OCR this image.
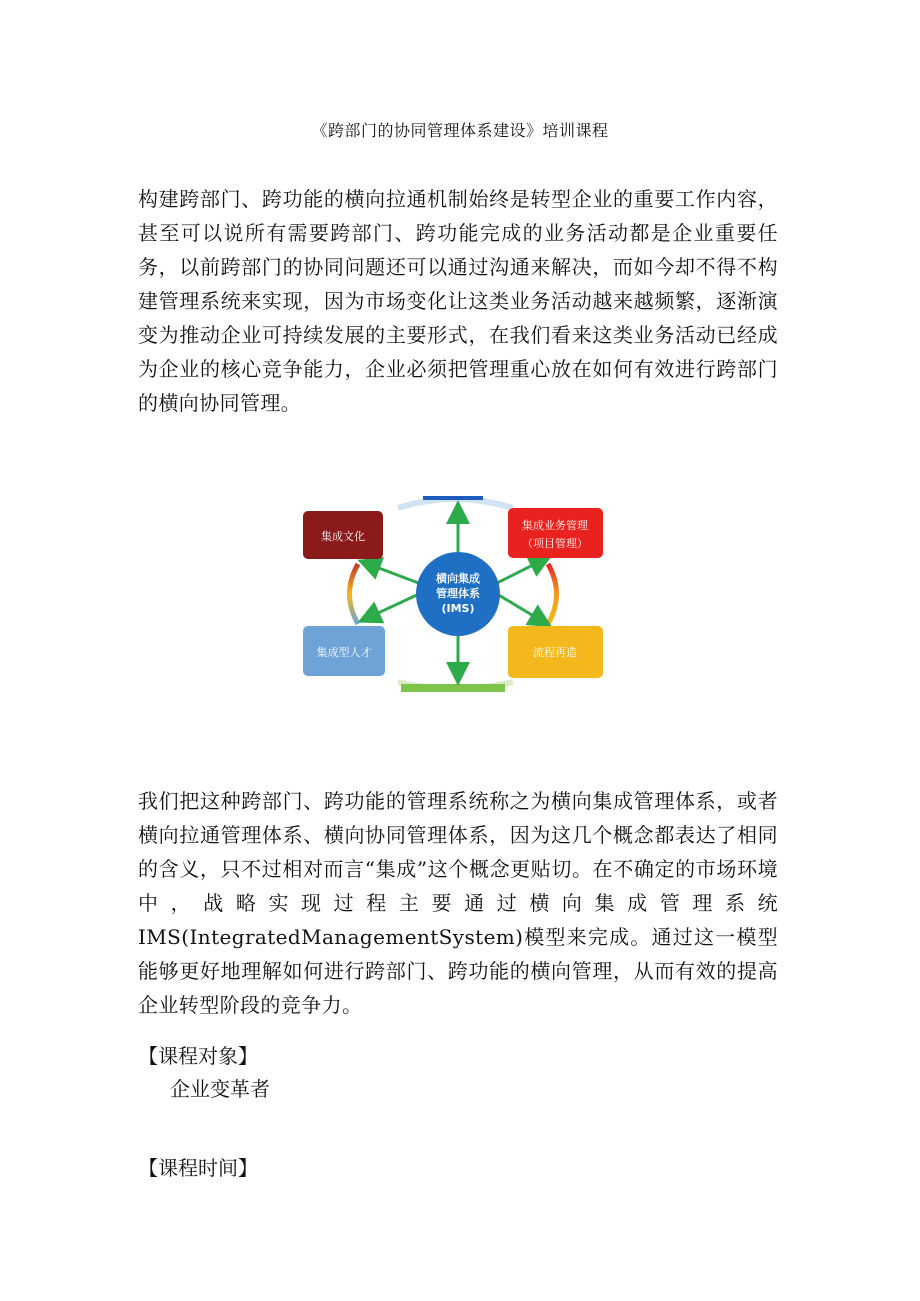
《跨部门的协同管理体系建设》培训课程

构建跨部门、跨功能的横向拉通机制始终是转型企业的重要工作内容，甚至可以说所有需要跨部门、跨功能完成的业务活动都是企业重要任务，以前跨部门的协同问题还可以通过沟通来解决，而如今却不得不构建管理系统来实现，因为市场变化让这类业务活动越来越频繁，逐渐演变为推动企业可持续发展的主要形式，在我们看来这类业务活动已经成为企业的核心竞争能力，企业必须把管理重心放在如何有效进行跨部门的横向协同管理。

集成文化
集成业务管理
（项目管理）
集成型人才	流程再造
横向集成
管理体系
(IMS)

我们把这种跨部门、跨功能的管理系统称之为横向集成管理体系，或者横向拉通管理体系、横向协同管理体系，因为这几个概念都表达了相同的含义，只不过相对而言“集成”这个概念更贴切。在不确定的市场环境中，战略实现过程主要通过横向集成管理系统IMS(IntegratedManagementSystem)模型来完成。通过这一模型能够更好地理解如何进行跨部门、跨功能的横向管理，从而有效的提高企业转型阶段的竞争力。

【课程对象】

企业变革者

【课程时间】
